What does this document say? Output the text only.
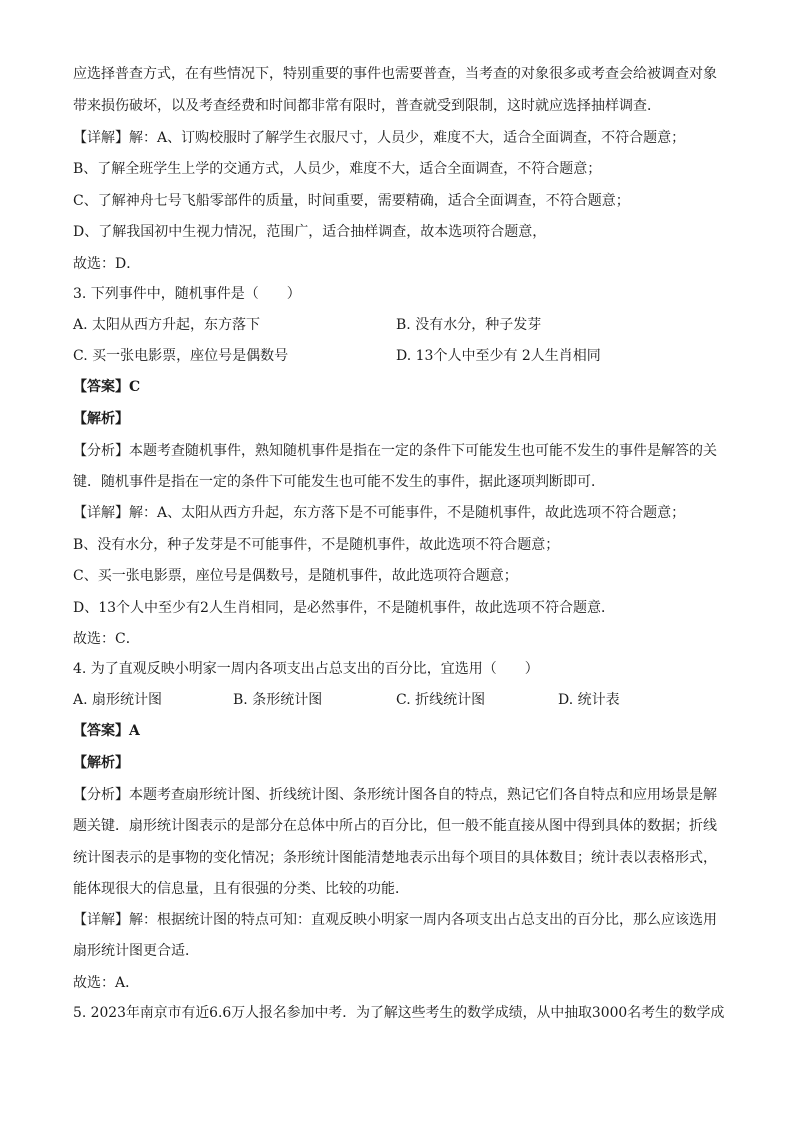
应选择普查方式，在有些情况下，特别重要的事件也需要普查，当考查的对象很多或考查会给被调查对象
带来损伤破坏，以及考查经费和时间都非常有限时，普查就受到限制，这时就应选择抽样调查．
【详解】解：A、订购校服时了解学生衣服尺寸，人员少，难度不大，适合全面调查，不符合题意；
B、了解全班学生上学的交通方式，人员少，难度不大，适合全面调查，不符合题意；
C、了解神舟七号飞船零部件的质量，时间重要，需要精确，适合全面调查，不符合题意；
D、了解我国初中生视力情况，范围广，适合抽样调查，故本选项符合题意，
故选：D．
3. 下列事件中，随机事件是（　　）
A. 太阳从西方升起，东方落下	B. 没有水分，种子发芽
C. 买一张电影票，座位号是偶数号	D. 13个人中至少有 2人生肖相同
【答案】C
【解析】
【分析】本题考查随机事件，熟知随机事件是指在一定的条件下可能发生也可能不发生的事件是解答的关
键．随机事件是指在一定的条件下可能发生也可能不发生的事件，据此逐项判断即可．
【详解】解：A、太阳从西方升起，东方落下是不可能事件，不是随机事件，故此选项不符合题意；
B、没有水分，种子发芽是不可能事件，不是随机事件，故此选项不符合题意；
C、买一张电影票，座位号是偶数号，是随机事件，故此选项符合题意；
D、13个人中至少有2人生肖相同，是必然事件，不是随机事件，故此选项不符合题意．
故选：C．
4. 为了直观反映小明家一周内各项支出占总支出的百分比，宜选用（　　）
A. 扇形统计图	B. 条形统计图	C. 折线统计图	D. 统计表
【答案】A
【解析】
【分析】本题考查扇形统计图、折线统计图、条形统计图各自的特点，熟记它们各自特点和应用场景是解
题关键．扇形统计图表示的是部分在总体中所占的百分比，但一般不能直接从图中得到具体的数据；折线
统计图表示的是事物的变化情况；条形统计图能清楚地表示出每个项目的具体数目；统计表以表格形式，
能体现很大的信息量，且有很强的分类、比较的功能．
【详解】解：根据统计图的特点可知：直观反映小明家一周内各项支出占总支出的百分比，那么应该选用
扇形统计图更合适．
故选：A．
5. 2023年南京市有近6.6万人报名参加中考．为了解这些考生的数学成绩，从中抽取3000名考生的数学成
